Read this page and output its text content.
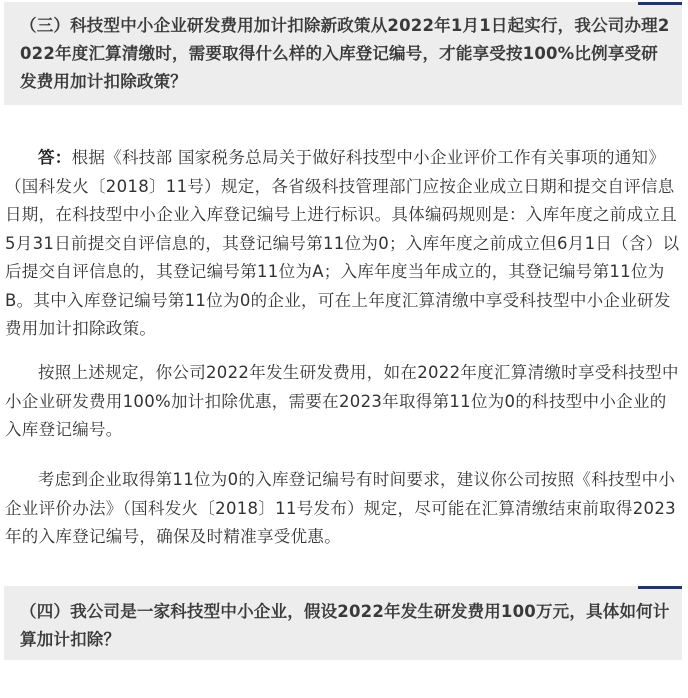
（三）科技型中小企业研发费用加计扣除新政策从2022年1月1日起实行，我公司办理2022年度汇算清缴时，需要取得什么样的入库登记编号，才能享受按100%比例享受研发费用加计扣除政策？

答：根据《科技部 国家税务总局关于做好科技型中小企业评价工作有关事项的通知》（国科发火〔2018〕11号）规定，各省级科技管理部门应按企业成立日期和提交自评信息日期，在科技型中小企业入库登记编号上进行标识。具体编码规则是：入库年度之前成立且5月31日前提交自评信息的，其登记编号第11位为0；入库年度之前成立但6月1日（含）以后提交自评信息的，其登记编号第11位为A；入库年度当年成立的，其登记编号第11位为B。其中入库登记编号第11位为0的企业，可在上年度汇算清缴中享受科技型中小企业研发费用加计扣除政策。

按照上述规定，你公司2022年发生研发费用，如在2022年度汇算清缴时享受科技型中小企业研发费用100%加计扣除优惠，需要在2023年取得第11位为0的科技型中小企业的入库登记编号。

考虑到企业取得第11位为0的入库登记编号有时间要求，建议你公司按照《科技型中小企业评价办法》（国科发火〔2018〕11号发布）规定，尽可能在汇算清缴结束前取得2023年的入库登记编号，确保及时精准享受优惠。

（四）我公司是一家科技型中小企业，假设2022年发生研发费用100万元，具体如何计算加计扣除？
